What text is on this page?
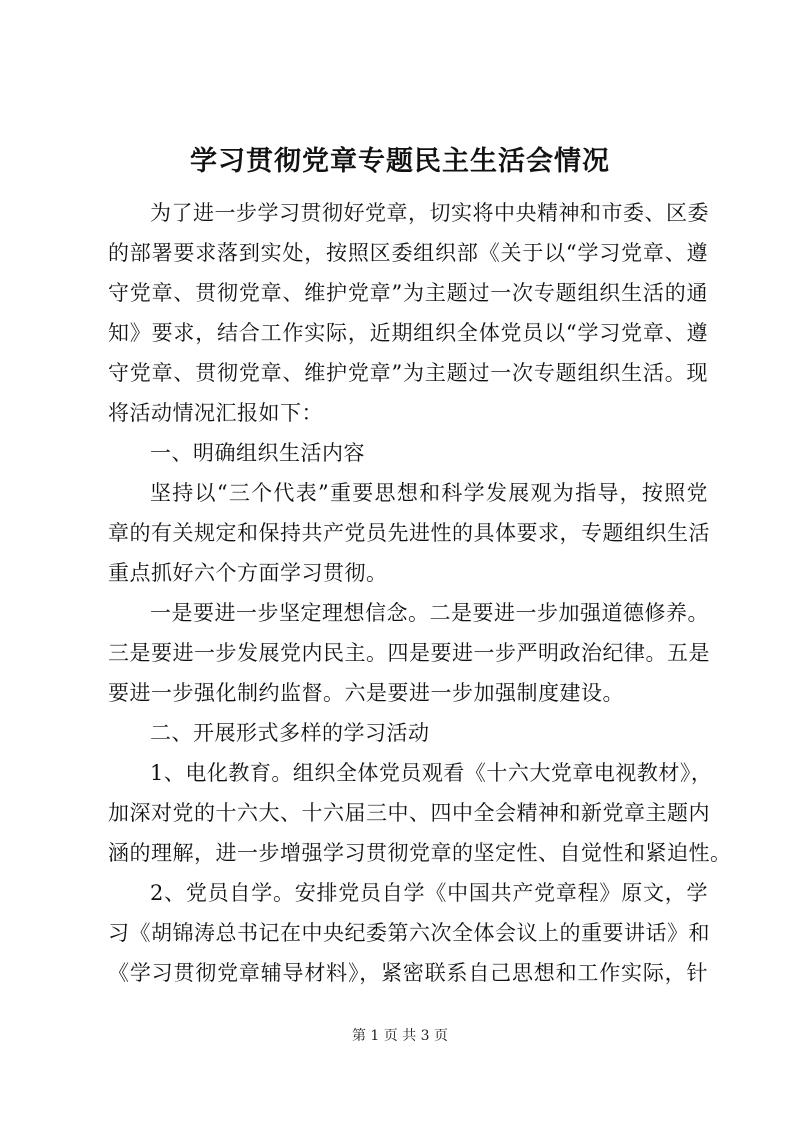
学习贯彻党章专题民主生活会情况
为了进一步学习贯彻好党章，切实将中央精神和市委、区委
的部署要求落到实处，按照区委组织部《关于以“学习党章、遵
守党章、贯彻党章、维护党章”为主题过一次专题组织生活的通
知》要求，结合工作实际，近期组织全体党员以“学习党章、遵
守党章、贯彻党章、维护党章”为主题过一次专题组织生活。现
将活动情况汇报如下：
一、明确组织生活内容
坚持以“三个代表”重要思想和科学发展观为指导，按照党
章的有关规定和保持共产党员先进性的具体要求，专题组织生活
重点抓好六个方面学习贯彻。
一是要进一步坚定理想信念。二是要进一步加强道德修养。
三是要进一步发展党内民主。四是要进一步严明政治纪律。五是
要进一步强化制约监督。六是要进一步加强制度建设。
二、开展形式多样的学习活动
1、电化教育。组织全体党员观看《十六大党章电视教材》，
加深对党的十六大、十六届三中、四中全会精神和新党章主题内
涵的理解，进一步增强学习贯彻党章的坚定性、自觉性和紧迫性。
2、党员自学。安排党员自学《中国共产党章程》原文，学
习《胡锦涛总书记在中央纪委第六次全体会议上的重要讲话》和
《学习贯彻党章辅导材料》，紧密联系自己思想和工作实际，针
第 1 页 共 3 页
